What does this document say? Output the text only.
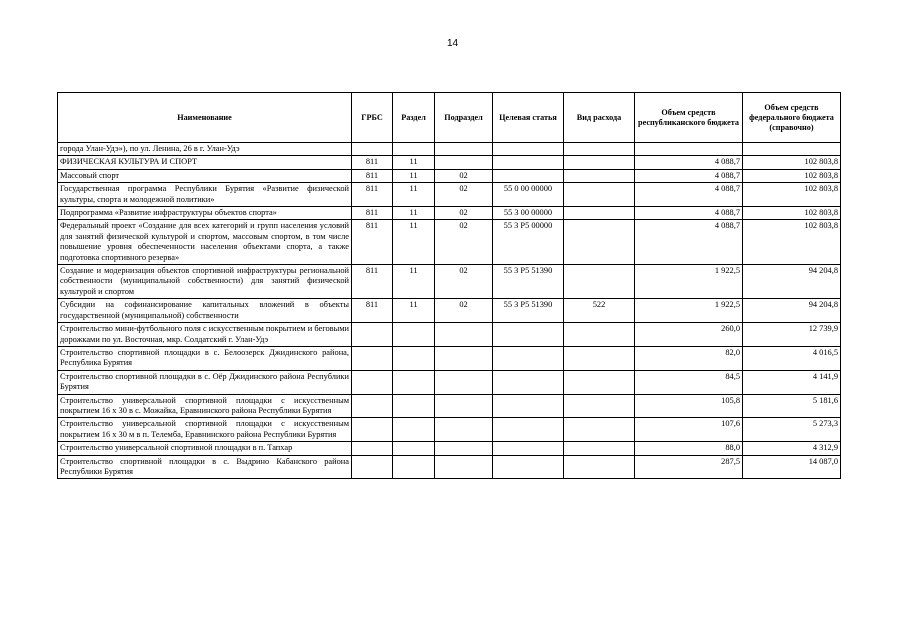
14
Наименование	ГРБС	Раздел	Подраздел	Целевая статья	Вид расхода	Объем средств республиканского бюджета	Объем средств федерального бюджета (справочно)
города Улан-Удэ»), по ул. Ленина, 26 в г. Улан-Удэ							
ФИЗИЧЕСКАЯ КУЛЬТУРА И СПОРТ	811	11				4 088,7	102 803,8
Массовый спорт	811	11	02			4 088,7	102 803,8
Государственная программа Республики Бурятия «Развитие физической культуры, спорта и молодежной политики»	811	11	02	55 0 00 00000		4 088,7	102 803,8
Подпрограмма «Развитие инфраструктуры объектов спорта»	811	11	02	55 3 00 00000		4 088,7	102 803,8
Федеральный проект «Создание для всех категорий и групп населения условий для занятий физической культурой и спортом, массовым спортом, в том числе повышение уровня обеспеченности населения объектами спорта, а также подготовка спортивного резерва»	811	11	02	55 3 Р5 00000		4 088,7	102 803,8
Создание и модернизация объектов спортивной инфраструктуры региональной собственности (муниципальной собственности) для занятий физической культурой и спортом	811	11	02	55 3 Р5 51390		1 922,5	94 204,8
Субсидии на софинансирование капитальных вложений в объекты государственной (муниципальной) собственности	811	11	02	55 3 Р5 51390	522	1 922,5	94 204,8
Строительство мини-футбольного поля с искусственным покрытием и беговыми дорожками по ул. Восточная, мкр. Солдатский г. Улан-Удэ						260,0	12 739,9
Строительство спортивной площадки в с. Белоозерск Джидинского района, Республика Бурятия						82,0	4 016,5
Строительство спортивной площадки в с. Оёр Джидинского района Республики Бурятия						84,5	4 141,9
Строительство универсальной спортивной площадки с искусственным покрытием 16 х 30 в с. Можайка, Еравнинского района Республики Бурятия						105,8	5 181,6
Строительство универсальной спортивной площадки с искусственным покрытием 16 х 30 м в п. Телемба, Еравнинского района Республики Бурятия						107,6	5 273,3
Строительство универсальной спортивной площадки в п. Тапхар						88,0	4 312,9
Строительство спортивной площадки в с. Выдрино Кабанского района Республики Бурятия						287,5	14 087,0
